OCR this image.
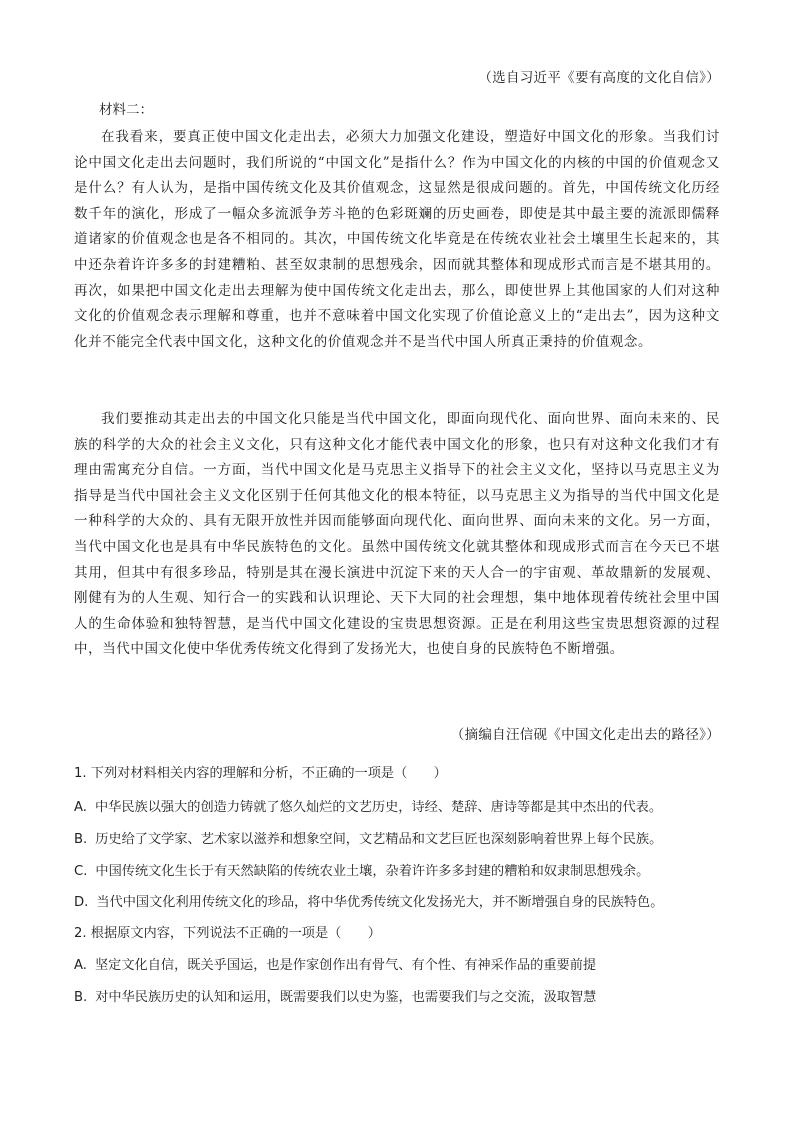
（选自习近平《要有高度的文化自信》）
材料二：

在我看来，要真正使中国文化走出去，必须大力加强文化建设，塑造好中国文化的形象。当我们讨论中国文化走出去问题时，我们所说的“中国文化”是指什么？作为中国文化的内核的中国的价值观念又是什么？有人认为，是指中国传统文化及其价值观念，这显然是很成问题的。首先，中国传统文化历经数千年的演化，形成了一幅众多流派争芳斗艳的色彩斑斓的历史画卷，即使是其中最主要的流派即儒释道诸家的价值观念也是各不相同的。其次，中国传统文化毕竟是在传统农业社会土壤里生长起来的，其中还杂着许许多多的封建糟粕、甚至奴隶制的思想残余，因而就其整体和现成形式而言是不堪其用的。再次，如果把中国文化走出去理解为使中国传统文化走出去，那么，即使世界上其他国家的人们对这种文化的价值观念表示理解和尊重，也并不意味着中国文化实现了价值论意义上的“走出去”，因为这种文化并不能完全代表中国文化，这种文化的价值观念并不是当代中国人所真正秉持的价值观念。

我们要推动其走出去的中国文化只能是当代中国文化，即面向现代化、面向世界、面向未来的、民族的科学的大众的社会主义文化，只有这种文化才能代表中国文化的形象，也只有对这种文化我们才有理由需寓充分自信。一方面，当代中国文化是马克思主义指导下的社会主义文化，坚持以马克思主义为指导是当代中国社会主义文化区别于任何其他文化的根本特征，以马克思主义为指导的当代中国文化是一种科学的大众的、具有无限开放性并因而能够面向现代化、面向世界、面向未来的文化。另一方面，当代中国文化也是具有中华民族特色的文化。虽然中国传统文化就其整体和现成形式而言在今天已不堪其用，但其中有很多珍品，特别是其在漫长演进中沉淀下来的天人合一的宇宙观、革故鼎新的发展观、刚健有为的人生观、知行合一的实践和认识理论、天下大同的社会理想，集中地体现着传统社会里中国人的生命体验和独特智慧，是当代中国文化建设的宝贵思想资源。正是在利用这些宝贵思想资源的过程中，当代中国文化使中华优秀传统文化得到了发扬光大，也使自身的民族特色不断增强。

（摘编自汪信砚《中国文化走出去的路径》）

1. 下列对材料相关内容的理解和分析，不正确的一项是（　　）

A. 中华民族以强大的创造力铸就了悠久灿烂的文艺历史，诗经、楚辞、唐诗等都是其中杰出的代表。

B. 历史给了文学家、艺术家以滋养和想象空间，文艺精品和文艺巨匠也深刻影响着世界上每个民族。

C. 中国传统文化生长于有天然缺陷的传统农业土壤，杂着许许多多封建的糟粕和奴隶制思想残余。

D. 当代中国文化利用传统文化的珍品，将中华优秀传统文化发扬光大，并不断增强自身的民族特色。

2. 根据原文内容，下列说法不正确的一项是（　　）

A. 坚定文化自信，既关乎国运，也是作家创作出有骨气、有个性、有神采作品的重要前提

B. 对中华民族历史的认知和运用，既需要我们以史为鉴，也需要我们与之交流，汲取智慧
